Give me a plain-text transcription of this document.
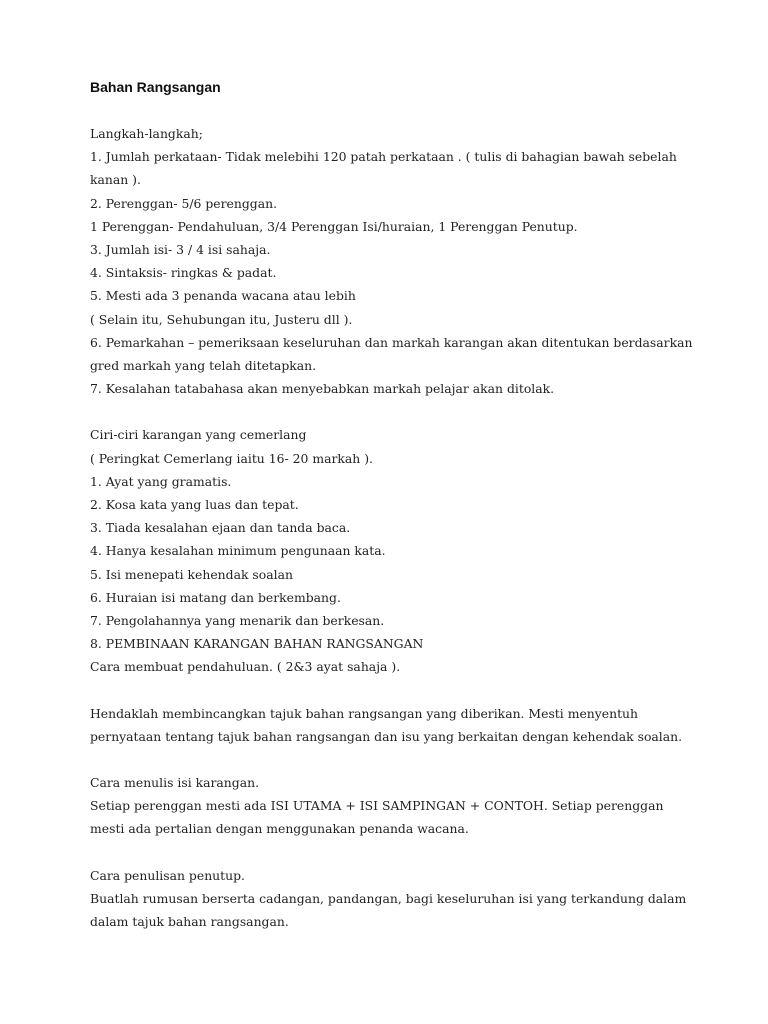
Bahan Rangsangan
Langkah-langkah;
1. Jumlah perkataan- Tidak melebihi 120 patah perkataan . ( tulis di bahagian bawah sebelah
kanan ).
2. Perenggan- 5/6 perenggan.
1 Perenggan- Pendahuluan, 3/4 Perenggan Isi/huraian, 1 Perenggan Penutup.
3. Jumlah isi- 3 / 4 isi sahaja.
4. Sintaksis- ringkas & padat.
5. Mesti ada 3 penanda wacana atau lebih
( Selain itu, Sehubungan itu, Justeru dll ).
6. Pemarkahan – pemeriksaan keseluruhan dan markah karangan akan ditentukan berdasarkan
gred markah yang telah ditetapkan.
7. Kesalahan tatabahasa akan menyebabkan markah pelajar akan ditolak.
Ciri-ciri karangan yang cemerlang
( Peringkat Cemerlang iaitu 16- 20 markah ).
1. Ayat yang gramatis.
2. Kosa kata yang luas dan tepat.
3. Tiada kesalahan ejaan dan tanda baca.
4. Hanya kesalahan minimum pengunaan kata.
5. Isi menepati kehendak soalan
6. Huraian isi matang dan berkembang.
7. Pengolahannya yang menarik dan berkesan.
8. PEMBINAAN KARANGAN BAHAN RANGSANGAN
Cara membuat pendahuluan. ( 2&3 ayat sahaja ).
Hendaklah membincangkan tajuk bahan rangsangan yang diberikan. Mesti menyentuh
pernyataan tentang tajuk bahan rangsangan dan isu yang berkaitan dengan kehendak soalan.
Cara menulis isi karangan.
Setiap perenggan mesti ada ISI UTAMA + ISI SAMPINGAN + CONTOH. Setiap perenggan
mesti ada pertalian dengan menggunakan penanda wacana.
Cara penulisan penutup.
Buatlah rumusan berserta cadangan, pandangan, bagi keseluruhan isi yang terkandung dalam
dalam tajuk bahan rangsangan.
